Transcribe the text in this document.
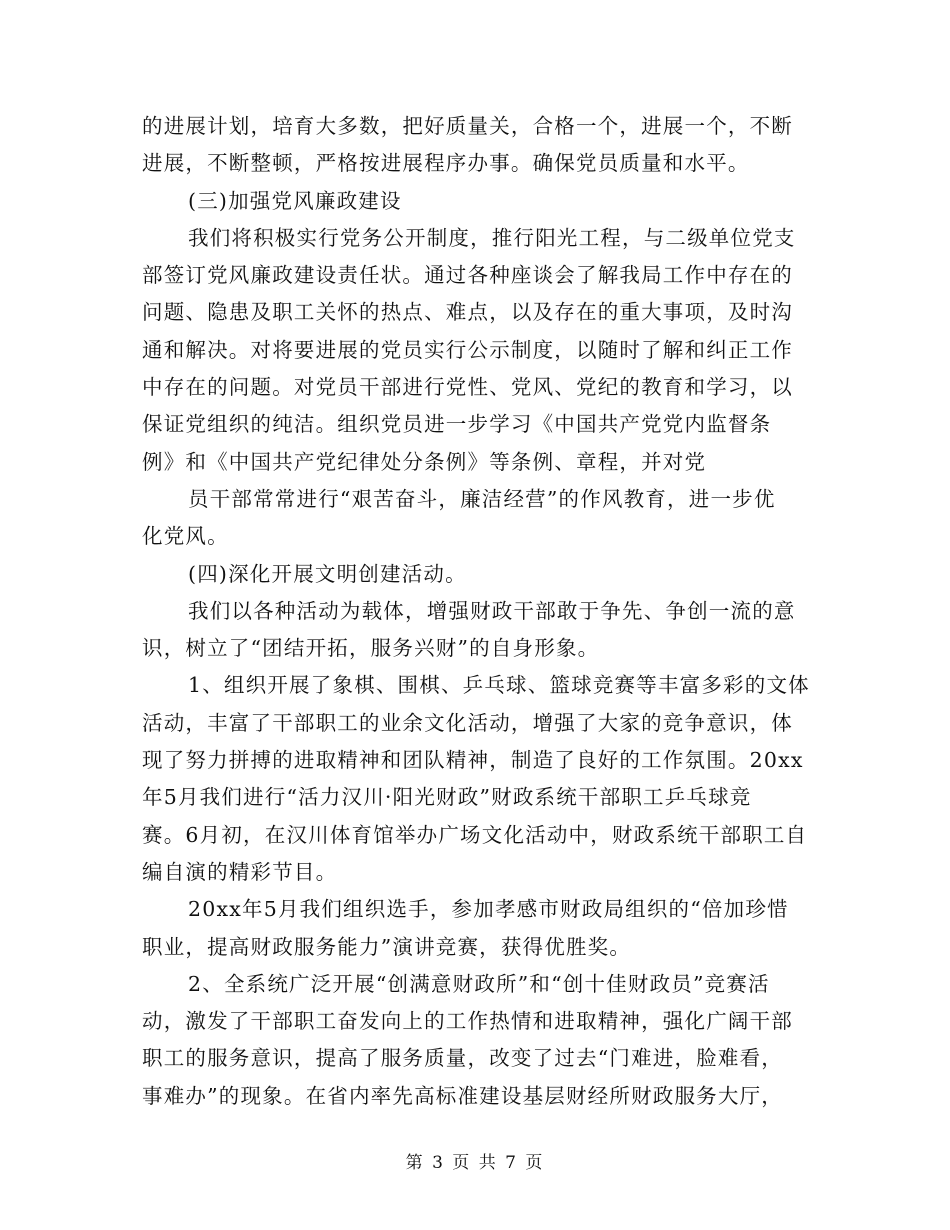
的进展计划，培育大多数，把好质量关，合格一个，进展一个，不断
进展，不断整顿，严格按进展程序办事。确保党员质量和水平。
(三)加强党风廉政建设
我们将积极实行党务公开制度，推行阳光工程，与二级单位党支
部签订党风廉政建设责任状。通过各种座谈会了解我局工作中存在的
问题、隐患及职工关怀的热点、难点，以及存在的重大事项，及时沟
通和解决。对将要进展的党员实行公示制度，以随时了解和纠正工作
中存在的问题。对党员干部进行党性、党风、党纪的教育和学习，以
保证党组织的纯洁。组织党员进一步学习《中国共产党党内监督条
例》和《中国共产党纪律处分条例》等条例、章程，并对党
员干部常常进行“艰苦奋斗，廉洁经营”的作风教育，进一步优
化党风。
(四)深化开展文明创建活动。
我们以各种活动为载体，增强财政干部敢于争先、争创一流的意
识，树立了“团结开拓，服务兴财”的自身形象。
1、组织开展了象棋、围棋、乒乓球、篮球竞赛等丰富多彩的文体
活动，丰富了干部职工的业余文化活动，增强了大家的竞争意识，体
现了努力拼搏的进取精神和团队精神，制造了良好的工作氛围。20xx
年5月我们进行“活力汉川·阳光财政”财政系统干部职工乒乓球竞
赛。6月初，在汉川体育馆举办广场文化活动中，财政系统干部职工自
编自演的精彩节目。
20xx年5月我们组织选手，参加孝感市财政局组织的“倍加珍惜
职业，提高财政服务能力”演讲竞赛，获得优胜奖。
2、全系统广泛开展“创满意财政所”和“创十佳财政员”竞赛活
动，激发了干部职工奋发向上的工作热情和进取精神，强化广阔干部
职工的服务意识，提高了服务质量，改变了过去“门难进，脸难看，
事难办”的现象。在省内率先高标准建设基层财经所财政服务大厅，
第 3 页 共 7 页
